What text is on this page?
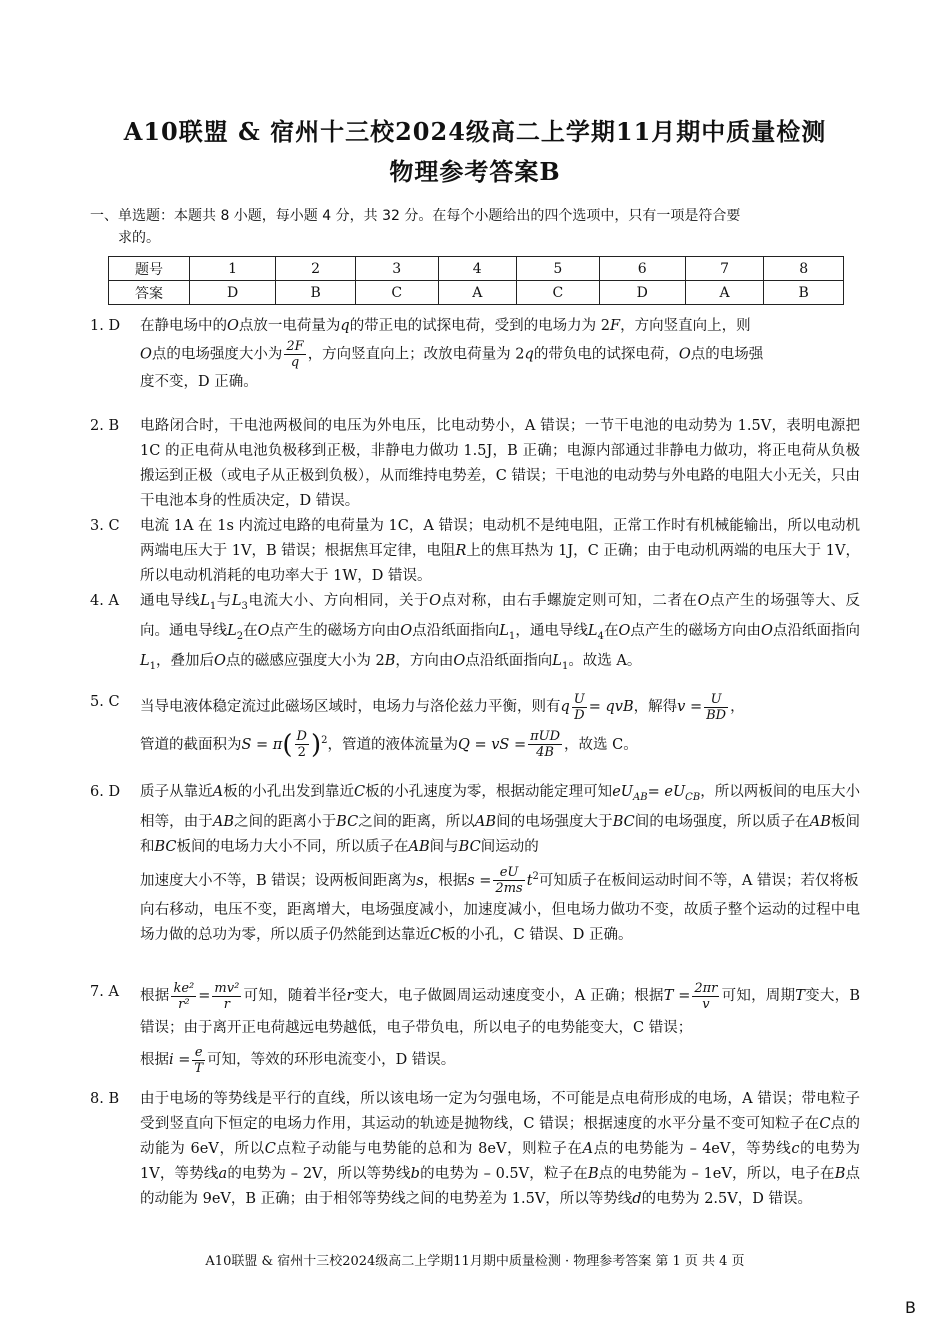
A10联盟 & 宿州十三校2024级高二上学期11月期中质量检测
物理参考答案B
一、单选题：本题共 8 小题，每小题 4 分，共 32 分。在每个小题给出的四个选项中，只有一项是符合要
求的。
题号	1	2	3	4	5	6	7	8
答案	D	B	C	A	C	D	A	B
1. D	在静电场中的O点放一电荷量为q的带正电的试探电荷，受到的电场力为 2F，方向竖直向上，则
O点的电场强度大小为 $\frac{2F}{q}$ ，方向竖直向上；改放电荷量为 2q的带负电的试探电荷，O点的电场强
度不变，D 正确。
2. B	电路闭合时，干电池两极间的电压为外电压，比电动势小，A 错误；一节干电池的电动势为 1.5V，表明电源把 1C 的正电荷从电池负极移到正极，非静电力做功 1.5J，B 正确；电源内部通过非静电力做功，将正电荷从负极搬运到正极（或电子从正极到负极），从而维持电势差，C 错误；干电池的电动势与外电路的电阻大小无关，只由干电池本身的性质决定，D 错误。
3. C	电流 1A 在 1s 内流过电路的电荷量为 1C，A 错误；电动机不是纯电阻，正常工作时有机械能输出，所以电动机两端电压大于 1V，B 错误；根据焦耳定律，电阻R上的焦耳热为 1J，C 正确；由于电动机两端的电压大于 1V，所以电动机消耗的电功率大于 1W，D 错误。
4. A	通电导线$L_1$与$L_3$电流大小、方向相同，关于O点对称，由右手螺旋定则可知，二者在O点产生的场强等大、反向。通电导线$L_2$在O点产生的磁场方向由O点沿纸面指向$L_1$，通电导线$L_4$在O点产生的磁场方向由O点沿纸面指向$L_1$，叠加后O点的磁感应强度大小为 2B，方向由O点沿纸面指向$L_1$。故选 A。
5. C	当导电液体稳定流过此磁场区域时，电场力与洛伦兹力平衡，则有q $\frac{U}{D}$ = qvB，解得$v = \frac{U}{BD}$ ，
管道的截面积为$S = \pi( \frac{D}{2} )^2$，管道的液体流量为Q = vS = $\frac{\text{πUD}}{4B}$ ，故选 C。
6. D	质子从靠近A板的小孔出发到靠近C板的小孔速度为零，根据动能定理可知$eU_{AB}= eU_{CB}$，所以两板间的电压大小相等，由于AB之间的距离小于BC之间的距离，所以AB间的电场强度大于BC间的电场强度，所以质子在AB板间和BC板间的电场力大小不同，所以质子在AB间与BC间运动的
加速度大小不等，B 错误；设两板间距离为s，根据$s = \frac{eU}{2ms} t^2$可知质子在板间运动时间不等，A 错误；若仅将板
向右移动，电压不变，距离增大，电场强度减小，加速度减小，但电场力做功不变，故质子整个运动的过程中电场力做的总功为零，所以质子仍然能到达靠近C板的小孔，C 错误、D 正确。
7. A	根据 $\frac{\text{ke²}}{\text{r²}} = \frac{\text{mv²}}{r}$ 可知，随着半径r变大，电子做圆周运动速度变小，A 正确；根据$T = \frac{2\pi r}{v}$ 可知，周期T变大，B 错误；由于离开正电荷越远电势越低，电子带负电，所以电子的电势能变大，C 错误；
根据$i = \frac{e}{T}$ 可知，等效的环形电流变小，D 错误。
8. B	由于电场的等势线是平行的直线，所以该电场一定为匀强电场，不可能是点电荷形成的电场，A 错误；带电粒子受到竖直向下恒定的电场力作用，其运动的轨迹是抛物线，C 错误；根据速度的水平分量不变可知粒子在C点的动能为 6eV，所以C点粒子动能与电势能的总和为 8eV，则粒子在A点的电势能为 – 4eV，等势线c的电势为 1V，等势线a的电势为 – 2V，所以等势线b的电势为 – 0.5V，粒子在B点的电势能为 – 1eV，所以，电子在B点的动能为 9eV，B 正确；由于相邻等势线之间的电势差为 1.5V，所以等势线d的电势为 2.5V，D 错误。
A10联盟 & 宿州十三校2024级高二上学期11月期中质量检测 · 物理参考答案 第 1 页 共 4 页
B
